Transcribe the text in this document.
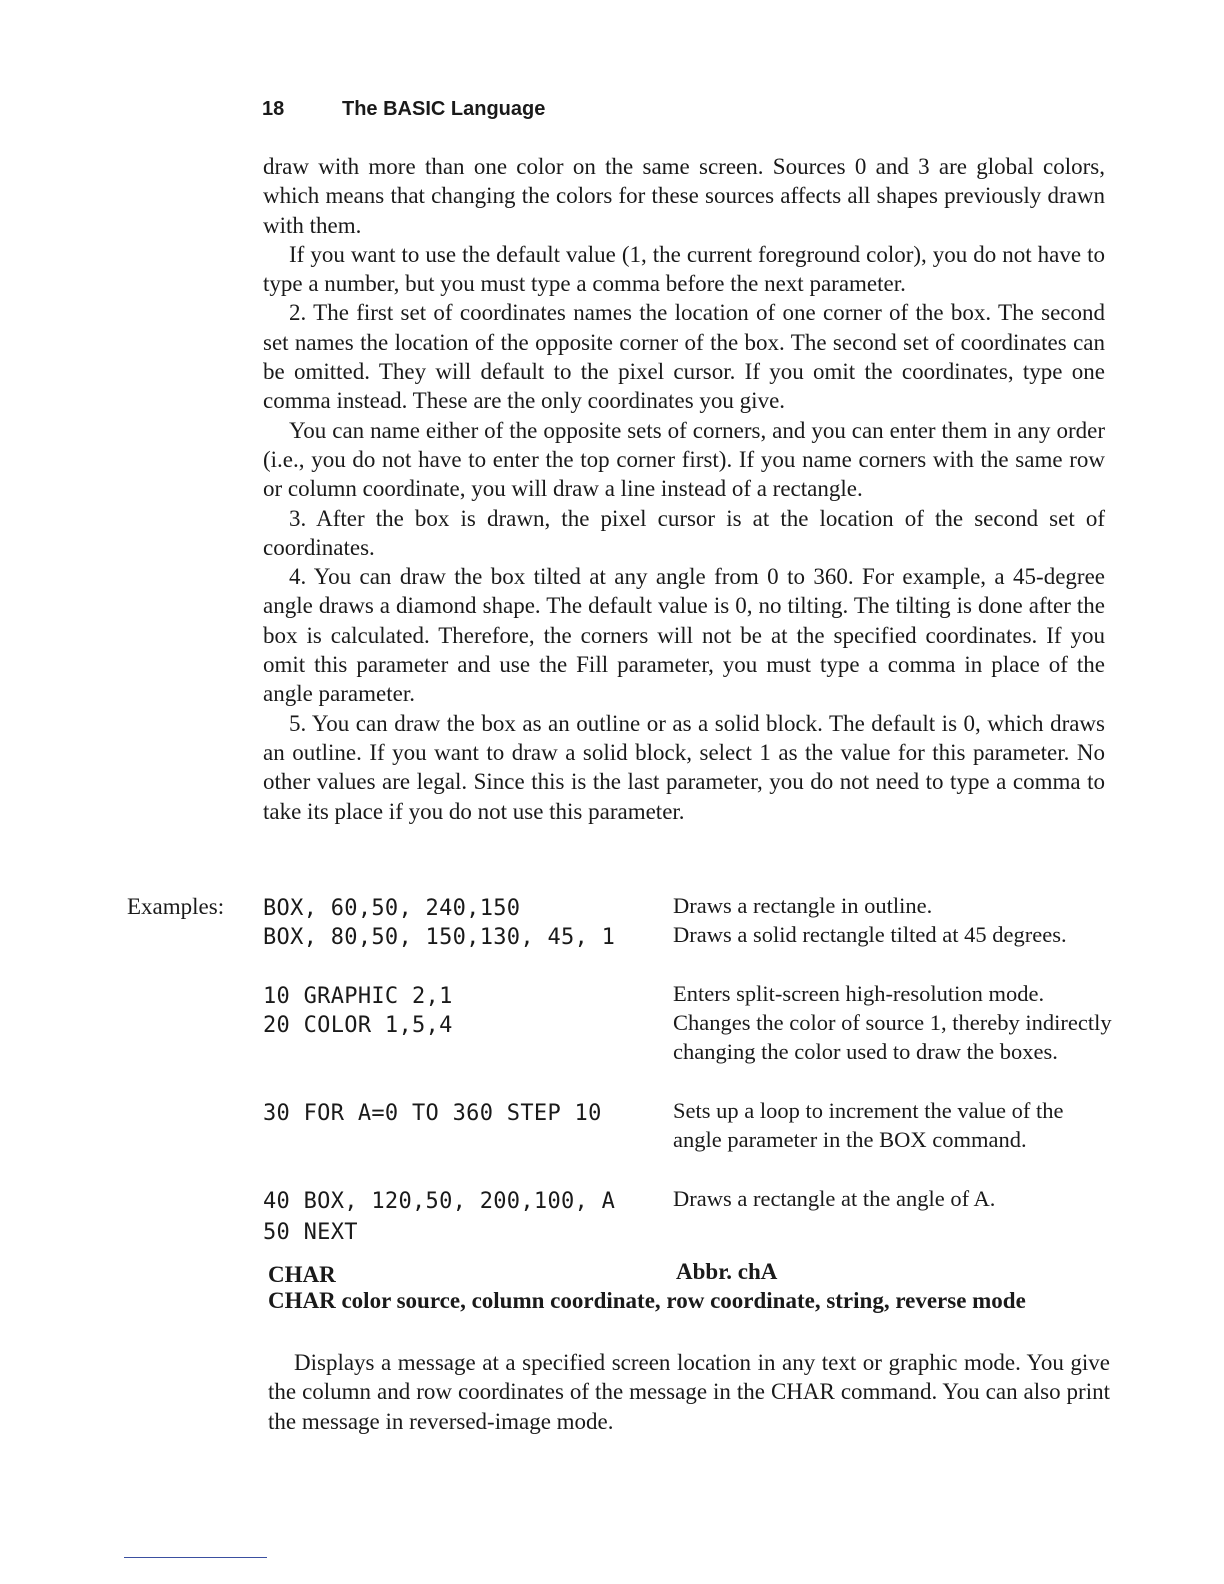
18	The BASIC Language

draw with more than one color on the same screen. Sources 0 and 3 are global colors, which means that changing the colors for these sources affects all shapes previously drawn with them.

If you want to use the default value (1, the current foreground color), you do not have to type a number, but you must type a comma before the next parameter.

2. The first set of coordinates names the location of one corner of the box. The second set names the location of the opposite corner of the box. The second set of coordinates can be omitted. They will default to the pixel cursor. If you omit the coordinates, type one comma instead. These are the only coordinates you give.

You can name either of the opposite sets of corners, and you can enter them in any order (i.e., you do not have to enter the top corner first). If you name corners with the same row or column coordinate, you will draw a line instead of a rectangle.

3. After the box is drawn, the pixel cursor is at the location of the second set of coordinates.

4. You can draw the box tilted at any angle from 0 to 360. For example, a 45-degree angle draws a diamond shape. The default value is 0, no tilting. The tilting is done after the box is calculated. Therefore, the corners will not be at the specified coordinates. If you omit this parameter and use the Fill parameter, you must type a comma in place of the angle parameter.

5. You can draw the box as an outline or as a solid block. The default is 0, which draws an outline. If you want to draw a solid block, select 1 as the value for this parameter. No other values are legal. Since this is the last parameter, you do not need to type a comma to take its place if you do not use this parameter.

Examples: BOX, 60,50, 240,150	Draws a rectangle in outline.
BOX, 80,50, 150,130, 45, 1	Draws a solid rectangle tilted at 45 degrees.
10 GRAPHIC 2,1	Enters split-screen high-resolution mode.
20 COLOR 1,5,4	Changes the color of source 1, thereby indirectly changing the color used to draw the boxes.
30 FOR A=0 TO 360 STEP 10	Sets up a loop to increment the value of the angle parameter in the BOX command.
40 BOX, 120,50, 200,100, A	Draws a rectangle at the angle of A.
50 NEXT
CHAR	Abbr. chA
CHAR color source, column coordinate, row coordinate, string, reverse mode

Displays a message at a specified screen location in any text or graphic mode. You give the column and row coordinates of the message in the CHAR command. You can also print the message in reversed-image mode.
